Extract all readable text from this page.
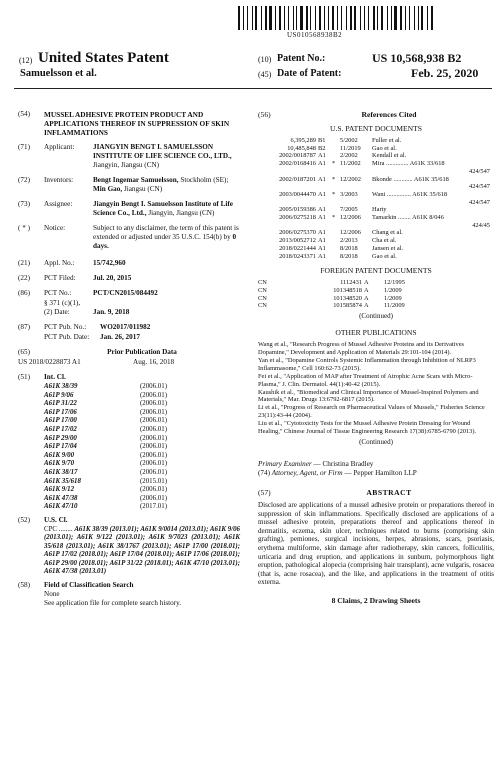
US010568938B2
(12) United States Patent
Samuelsson et al.
(10) Patent No.:	US 10,568,938 B2
(45) Date of Patent:	Feb. 25, 2020
(54)	MUSSEL ADHESIVE PROTEIN PRODUCT AND APPLICATIONS THEREOF IN SUPPRESSION OF SKIN INFLAMMATIONS
(71)	Applicant:	JIANGYIN BENGT I. SAMUELSSON INSTITUTE OF LIFE SCIENCE CO., LTD., Jiangyin, Jiangsu (CN)
(72)	Inventors:	Bengt Ingemar Samuelsson, Stockholm (SE); Min Gao, Jiangsu (CN)
(73)	Assignee:	Jiangyin Bengt I. Samuelsson Institute of Life Science Co., Ltd., Jiangyin, Jiangsu (CN)
( * )	Notice:	Subject to any disclaimer, the term of this patent is extended or adjusted under 35 U.S.C. 154(b) by 0 days.
(21)	Appl. No.:	15/742,960
(22)	PCT Filed:	Jul. 20, 2015
(86)	PCT No.:	PCT/CN2015/084492
§ 371 (c)(1),
(2) Date:	Jan. 9, 2018
(87)	PCT Pub. No.:	WO2017/011982
PCT Pub. Date:	Jan. 26, 2017
(65)	Prior Publication Data
US 2018/0228873 A1	Aug. 16, 2018
(51)	Int. Cl.
A61K 38/39	(2006.01)
A61P 9/06	(2006.01)
A61P 31/22	(2006.01)
A61P 17/06	(2006.01)
A61P 17/00	(2006.01)
A61P 17/02	(2006.01)
A61P 29/00	(2006.01)
A61P 17/04	(2006.01)
A61K 9/00	(2006.01)
A61K 9/70	(2006.01)
A61K 38/17	(2006.01)
A61K 35/618	(2015.01)
A61K 9/12	(2006.01)
A61K 47/38	(2006.01)
A61K 47/10	(2017.01)
(52)	U.S. Cl.
CPC ........ A61K 38/39 (2013.01); A61K 9/0014 (2013.01); A61K 9/06 (2013.01); A61K 9/122 (2013.01); A61K 9/7023 (2013.01); A61K 35/618 (2013.01); A61K 38/1767 (2013.01); A61P 17/00 (2018.01); A61P 17/02 (2018.01); A61P 17/04 (2018.01); A61P 17/06 (2018.01); A61P 29/00 (2018.01); A61P 31/22 (2018.01); A61K 47/10 (2013.01); A61K 47/38 (2013.01)
(58)	Field of Classification Search
None
See application file for complete search history.
(56)	References Cited
U.S. PATENT DOCUMENTS
6,395,289	B1		5/2002	Fuller et al.
10,485,848	B2		11/2019	Gao et al.
2002/0018787	A1		2/2002	Kendall et al.
2002/0168416	A1	*	11/2002	Mira .............. A61K 33/618
				424/547
2002/0187201	A1	*	12/2002	Bkonde ............ A61K 35/618
				424/547
2003/0044470	A1	*	3/2003	Wani ............... A61K 35/618
				424/547
2005/0159386	A1		7/2005	Harty
2006/0275218	A1	*	12/2006	Tamarkin ........ A61K 8/046
				424/45
2006/0275370	A1		12/2006	Chang et al.
2013/0052712	A1		2/2013	Cha et al.
2018/0221444	A1		8/2018	Jansen et al.
2018/0243371	A1		8/2018	Gao et al.
FOREIGN PATENT DOCUMENTS
CN	1112431	A	12/1995
CN	101348518	A	1/2009
CN	101348520	A	1/2009
CN	101585874	A	11/2009
(Continued)
OTHER PUBLICATIONS
Wang et al., "Research Progress of Mussel Adhesive Proteins and its Derivatives Dopamine," Development and Application of Materials 29:101-104 (2014).
Yan et al., "Dopamine Controls Systemic Inflammation through Inhibition of NLRP3 Inflammasome," Cell 160:62-73 (2015).
Fei et al., "Application of MAP after Treatment of Atrophic Acne Scars with Micro-Plasma," J. Clin. Dermatol. 44(1):40-42 (2015).
Kaushik et al., "Biomedical and Clinical Importance of Mussel-Inspired Polymers and Materials," Mar. Drugs 13:6792-6817 (2015).
Li et al., "Progress of Research on Pharmaceutical Values of Mussels," Fisheries Science 23(11):43-44 (2004).
Liu et al., "Cytotoxicity Tests for the Mussel Adhesive Protein Dressing for Wound Healing," Chinese Journal of Tissue Engineering Research 17(38):6785-6790 (2013).
(Continued)
Primary Examiner — Christina Bradley
(74) Attorney, Agent, or Firm — Pepper Hamilton LLP
(57)	ABSTRACT
Disclosed are applications of a mussel adhesive protein or preparations thereof in suppression of skin inflammations. Specifically disclosed are applications of a mussel adhesive protein, preparations thereof and applications thereof in dermatitis, eczema, skin ulcer, techniques related to burns (comprising skin grafting), pemiones, surgical incisions, herpes, abrasions, scars, psoriasis, erythema multiforme, skin damage after radiotherapy, skin cancers, folliculitis, urticaria and drug eruption, and applications in sunburn, polymorphous light eruption, pathological alopecia (comprising hair transplant), acne vulgaris, rosacea (that is, acne rosacea), and the like, and applications in the treatment of otitis externa.
8 Claims, 2 Drawing Sheets
